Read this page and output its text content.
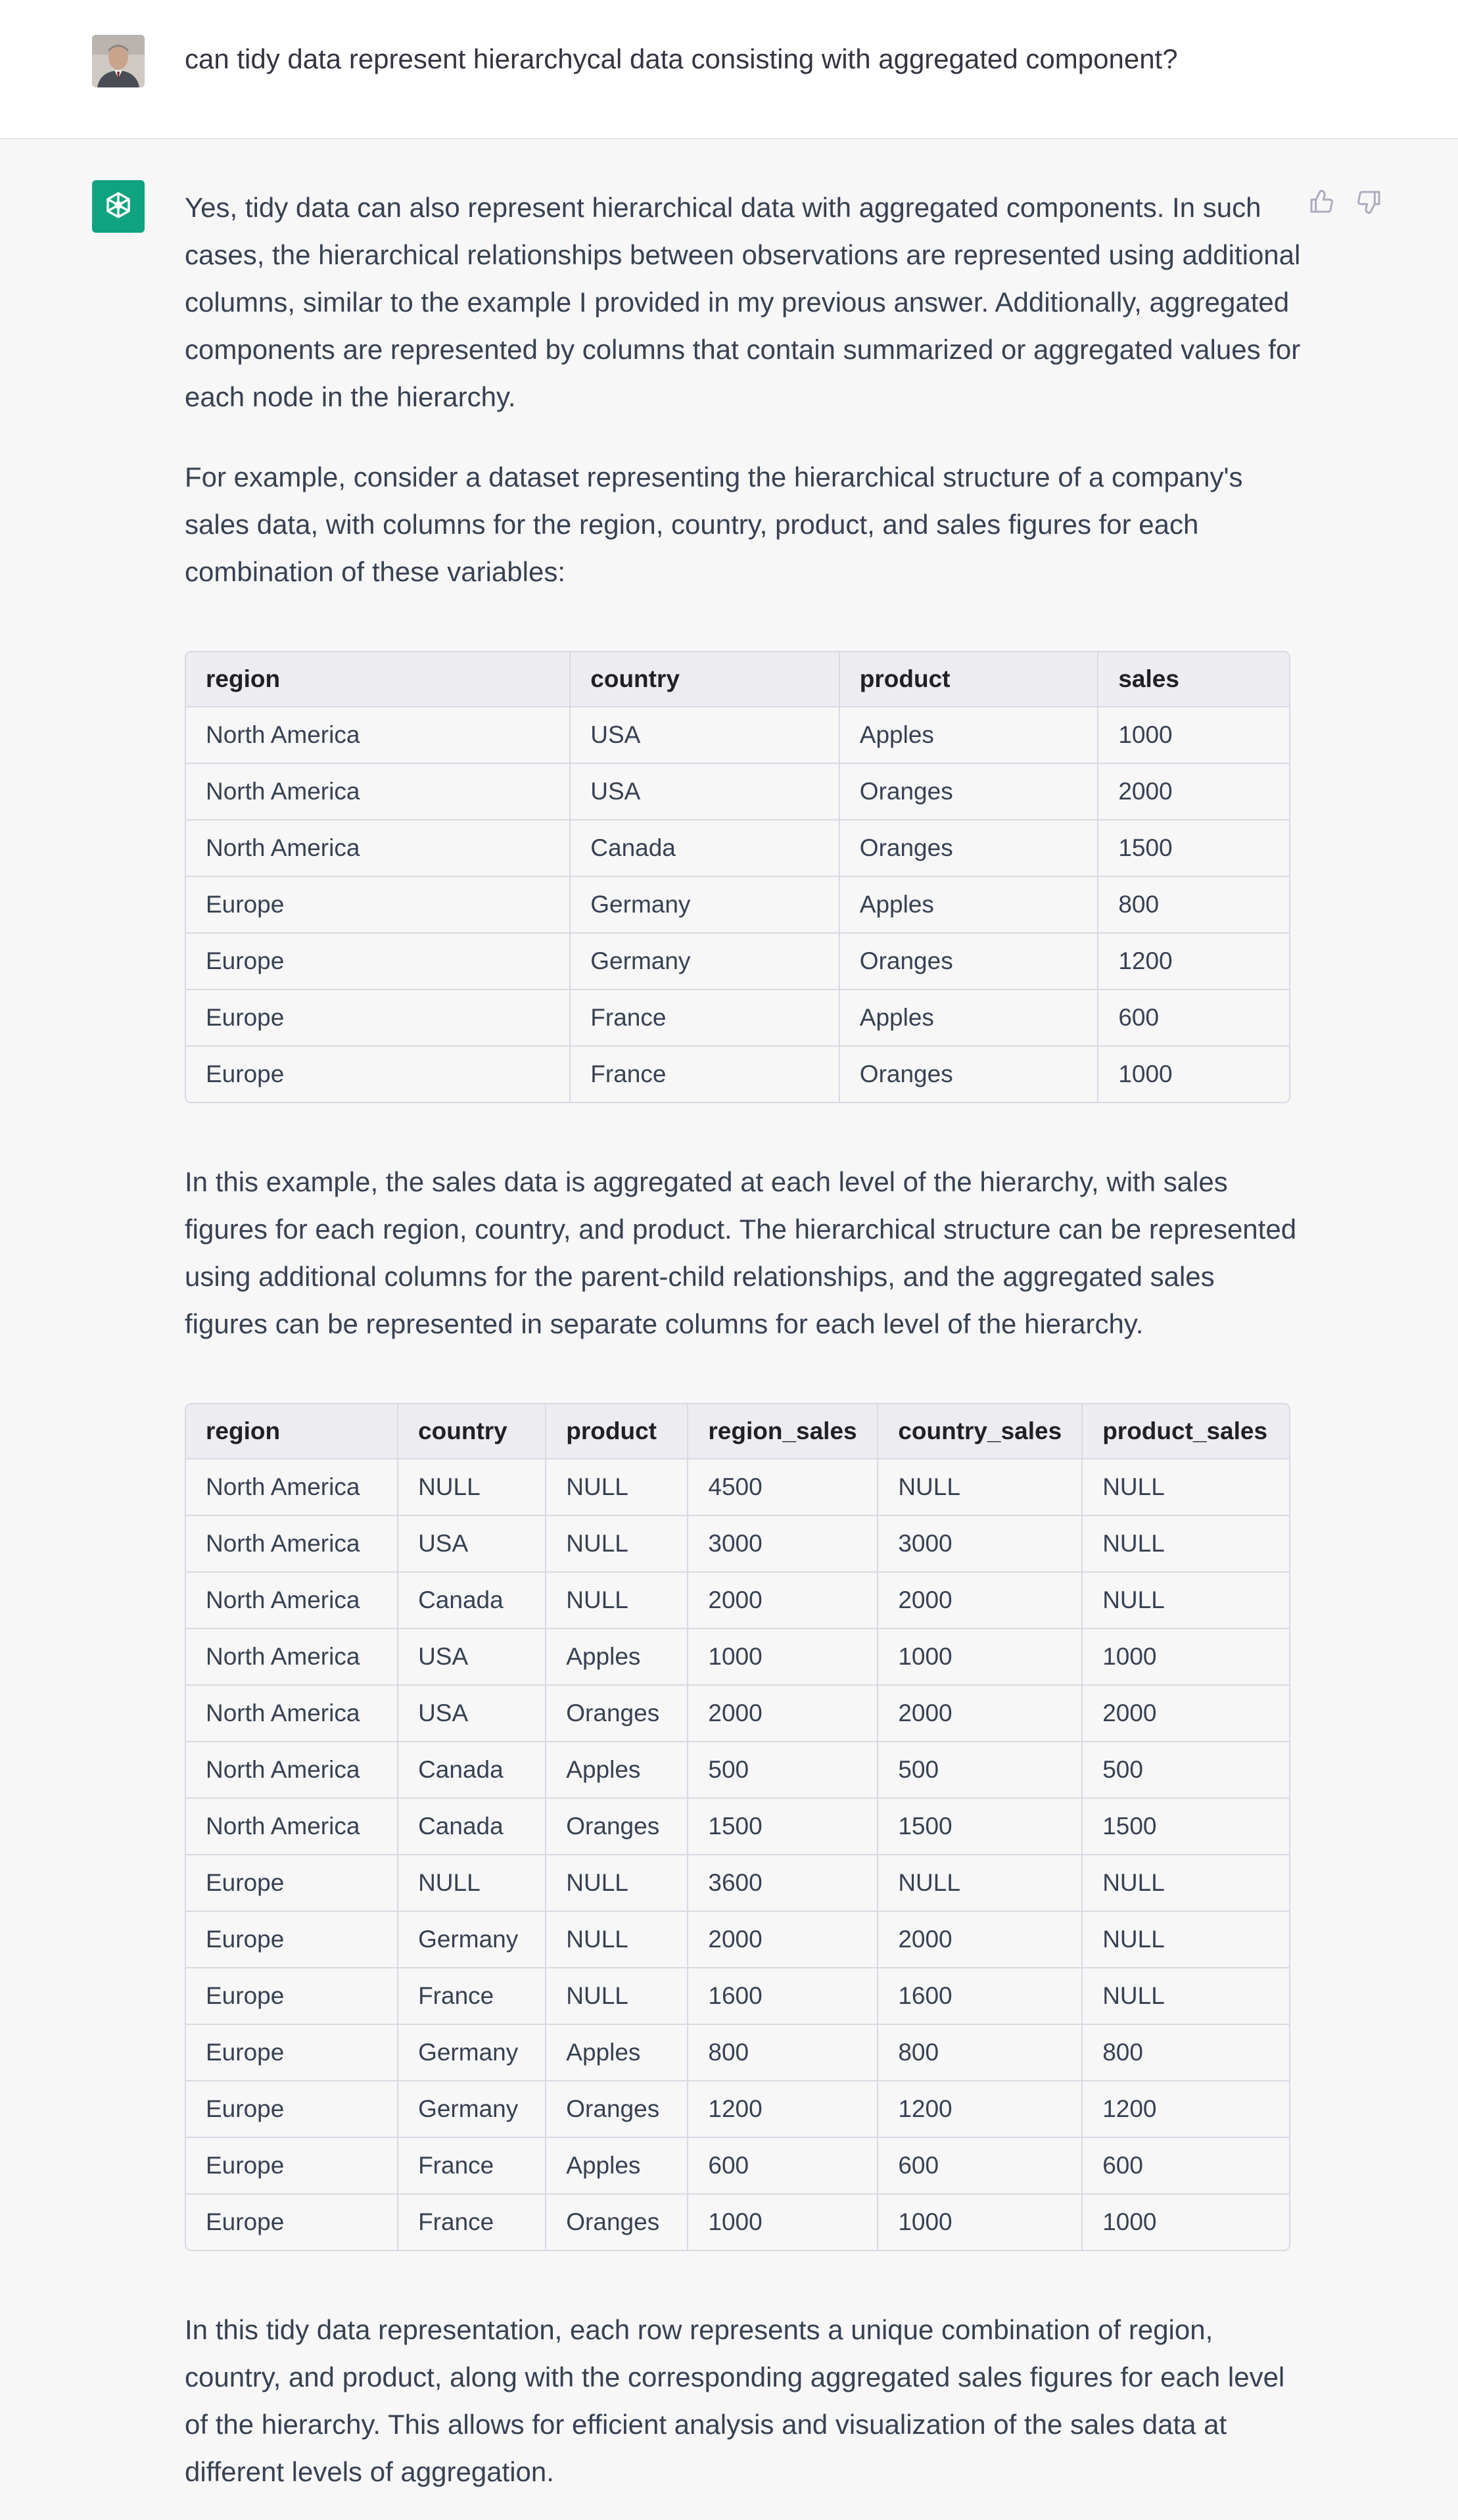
can tidy data represent hierarchycal data consisting with aggregated component?

Yes, tidy data can also represent hierarchical data with aggregated components. In such cases, the hierarchical relationships between observations are represented using additional columns, similar to the example I provided in my previous answer. Additionally, aggregated components are represented by columns that contain summarized or aggregated values for each node in the hierarchy.

For example, consider a dataset representing the hierarchical structure of a company's sales data, with columns for the region, country, product, and sales figures for each combination of these variables:

region	country	product	sales
North America	USA	Apples	1000
North America	USA	Oranges	2000
North America	Canada	Oranges	1500
Europe	Germany	Apples	800
Europe	Germany	Oranges	1200
Europe	France	Apples	600
Europe	France	Oranges	1000

In this example, the sales data is aggregated at each level of the hierarchy, with sales figures for each region, country, and product. The hierarchical structure can be represented using additional columns for the parent-child relationships, and the aggregated sales figures can be represented in separate columns for each level of the hierarchy.

region	country	product	region_sales	country_sales	product_sales
North America	NULL	NULL	4500	NULL	NULL
North America	USA	NULL	3000	3000	NULL
North America	Canada	NULL	2000	2000	NULL
North America	USA	Apples	1000	1000	1000
North America	USA	Oranges	2000	2000	2000
North America	Canada	Apples	500	500	500
North America	Canada	Oranges	1500	1500	1500
Europe	NULL	NULL	3600	NULL	NULL
Europe	Germany	NULL	2000	2000	NULL
Europe	France	NULL	1600	1600	NULL
Europe	Germany	Apples	800	800	800
Europe	Germany	Oranges	1200	1200	1200
Europe	France	Apples	600	600	600
Europe	France	Oranges	1000	1000	1000

In this tidy data representation, each row represents a unique combination of region, country, and product, along with the corresponding aggregated sales figures for each level of the hierarchy. This allows for efficient analysis and visualization of the sales data at different levels of aggregation.
